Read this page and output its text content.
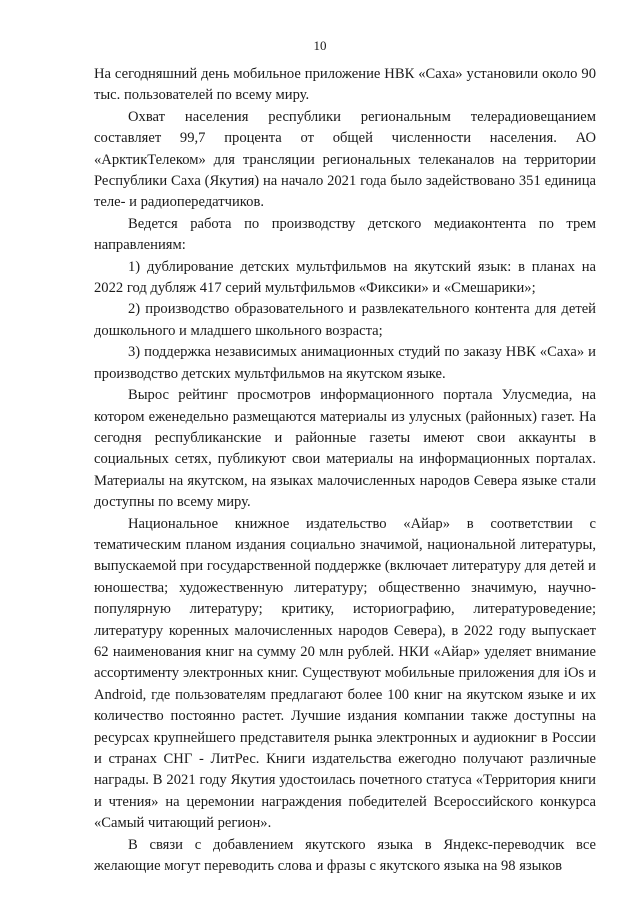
10

На сегодняшний день мобильное приложение НВК «Саха» установили около 90 тыс. пользователей по всему миру.

Охват населения республики региональным телерадиовещанием составляет 99,7 процента от общей численности населения. АО «АрктикТелеком» для трансляции региональных телеканалов на территории Республики Саха (Якутия) на начало 2021 года было задействовано 351 единица теле- и радиопередатчиков.

Ведется работа по производству детского медиаконтента по трем направлениям:

1) дублирование детских мультфильмов на якутский язык: в планах на 2022 год дубляж 417 серий мультфильмов «Фиксики» и «Смешарики»;

2) производство образовательного и развлекательного контента для детей дошкольного и младшего школьного возраста;

3) поддержка независимых анимационных студий по заказу НВК «Саха» и производство детских мультфильмов на якутском языке.

Вырос рейтинг просмотров информационного портала Улусмедиа, на котором еженедельно размещаются материалы из улусных (районных) газет. На сегодня республиканские и районные газеты имеют свои аккаунты в социальных сетях, публикуют свои материалы на информационных порталах. Материалы на якутском, на языках малочисленных народов Севера языке стали доступны по всему миру.

Национальное книжное издательство «Айар» в соответствии с тематическим планом издания социально значимой, национальной литературы, выпускаемой при государственной поддержке (включает литературу для детей и юношества; художественную литературу; общественно значимую, научно-популярную литературу; критику, историографию, литературоведение; литературу коренных малочисленных народов Севера), в 2022 году выпускает 62 наименования книг на сумму 20 млн рублей. НКИ «Айар» уделяет внимание ассортименту электронных книг. Существуют мобильные приложения для iOs и Android, где пользователям предлагают более 100 книг на якутском языке и их количество постоянно растет. Лучшие издания компании также доступны на ресурсах крупнейшего представителя рынка электронных и аудиокниг в России и странах СНГ - ЛитРес. Книги издательства ежегодно получают различные награды. В 2021 году Якутия удостоилась почетного статуса «Территория книги и чтения» на церемонии награждения победителей Всероссийского конкурса «Самый читающий регион».

В связи с добавлением якутского языка в Яндекс-переводчик все желающие могут переводить слова и фразы с якутского языка на 98 языков
